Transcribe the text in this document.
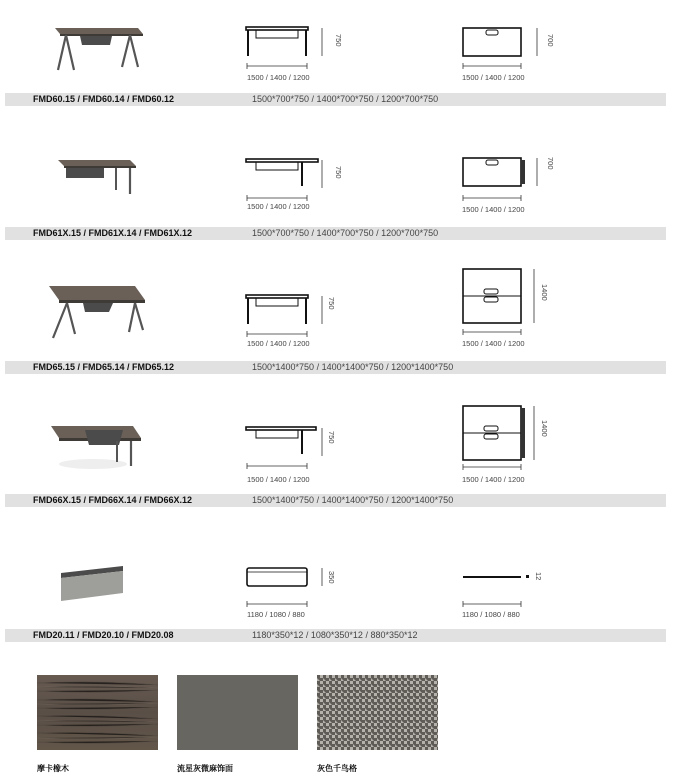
1500 / 1400 / 1200
750
1500 / 1400 / 1200
700
FMD60.15 / FMD60.14 / FMD60.12	1500*700*750 / 1400*700*750 / 1200*700*750
1500 / 1400 / 1200
750
1500 / 1400 / 1200
700
FMD61X.15 / FMD61X.14 / FMD61X.12	1500*700*750 / 1400*700*750 / 1200*700*750
1500 / 1400 / 1200
750
1500 / 1400 / 1200
1400
FMD65.15 / FMD65.14 / FMD65.12	1500*1400*750 / 1400*1400*750 / 1200*1400*750
1500 / 1400 / 1200
750
1500 / 1400 / 1200
1400
FMD66X.15 / FMD66X.14 / FMD66X.12	1500*1400*750 / 1400*1400*750 / 1200*1400*750
1180 / 1080 / 880
350
1180 / 1080 / 880
12
FMD20.11 / FMD20.10 / FMD20.08	1180*350*12 / 1080*350*12 / 880*350*12
摩卡橡木	流星灰微麻饰面	灰色千鸟格
